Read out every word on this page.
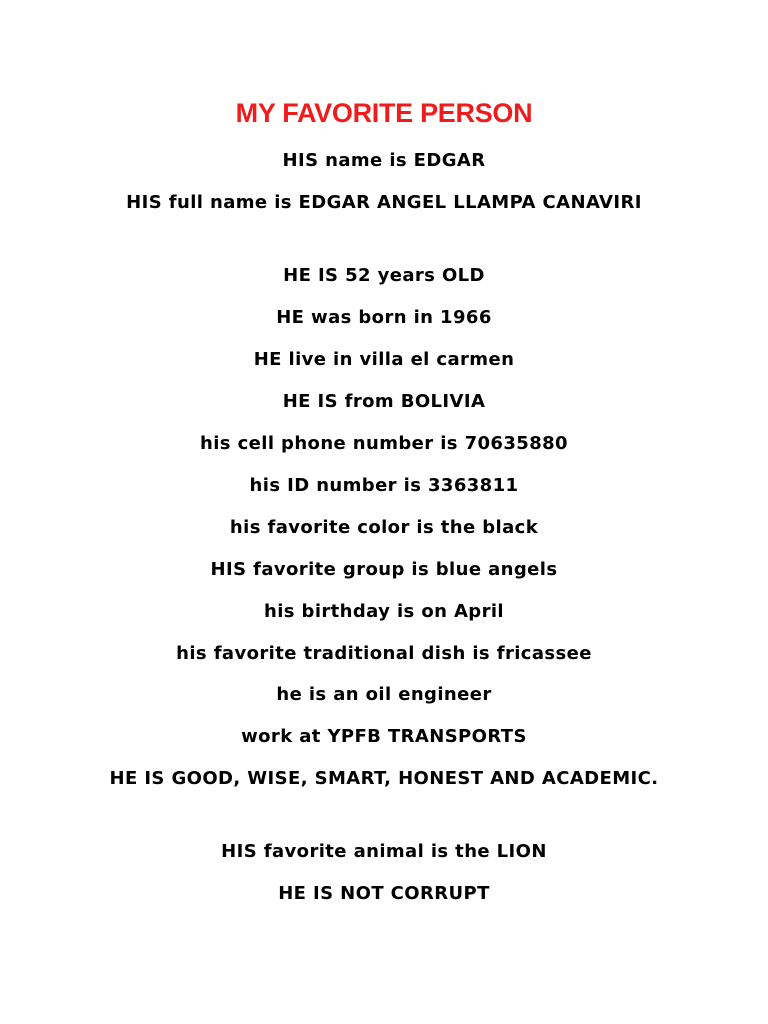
MY FAVORITE PERSON

HIS name is EDGAR

HIS full name is EDGAR ANGEL LLAMPA CANAVIRI

HE IS 52 years OLD

HE was born in 1966

HE live in villa el carmen

HE IS from BOLIVIA

his cell phone number is 70635880

his ID number is 3363811

his favorite color is the black

HIS favorite group is blue angels

his birthday is on April

his favorite traditional dish is fricassee

he is an oil engineer

work at YPFB TRANSPORTS

HE IS GOOD, WISE, SMART, HONEST AND ACADEMIC.

HIS favorite animal is the LION

HE IS NOT CORRUPT
